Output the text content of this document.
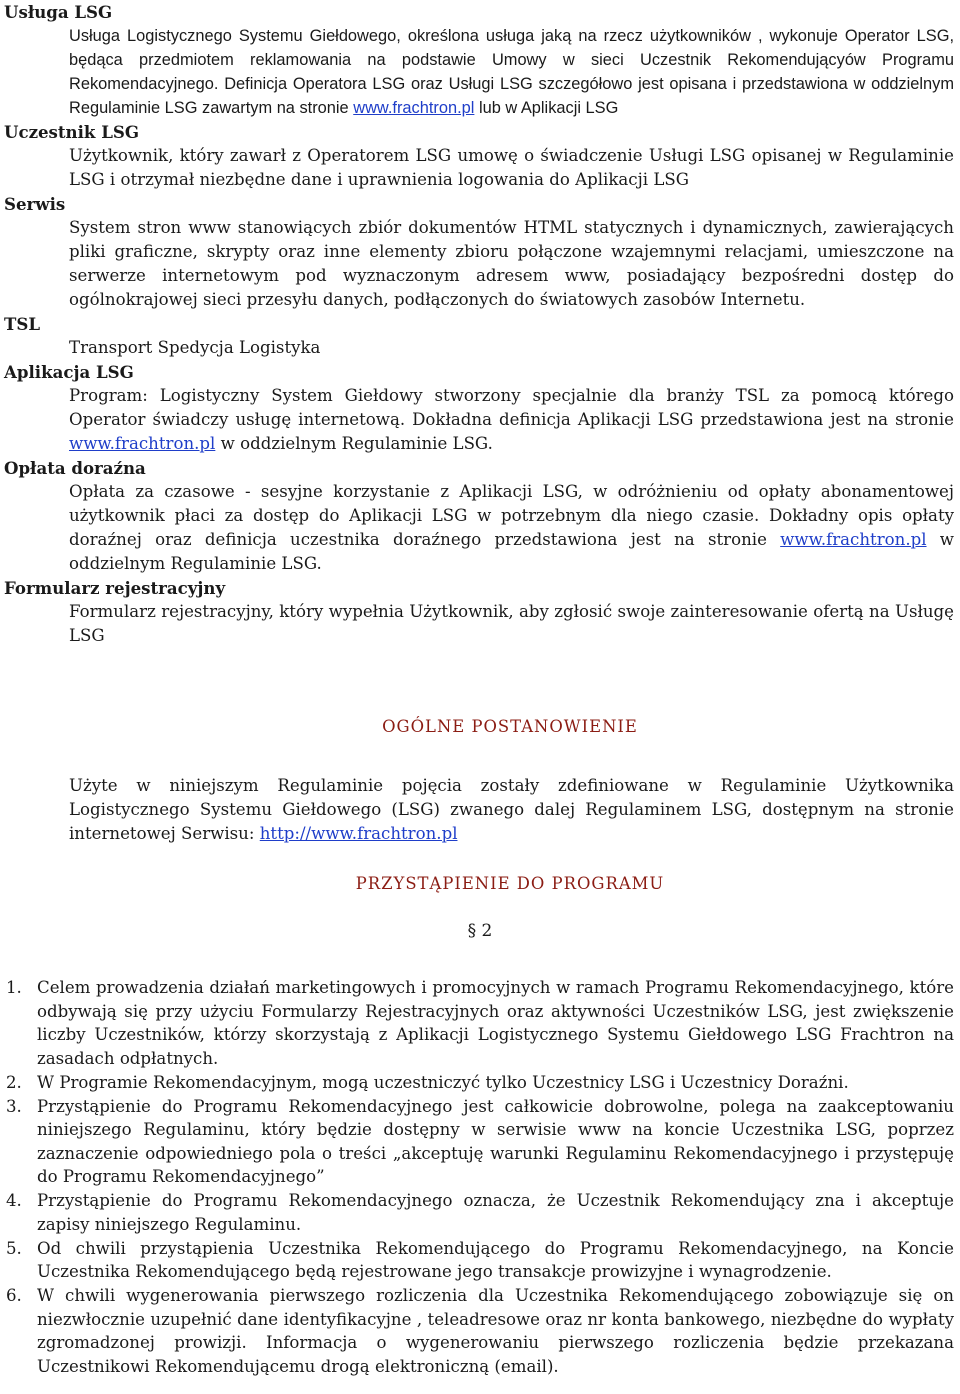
Usługa LSG

Usługa Logistycznego Systemu Giełdowego, określona usługa jaką na rzecz użytkowników , wykonuje Operator LSG, będąca przedmiotem reklamowania na podstawie Umowy w sieci Uczestnik Rekomendującyów Programu Rekomendacyjnego. Definicja Operatora LSG oraz Usługi LSG szczegółowo jest opisana i przedstawiona w oddzielnym Regulaminie LSG zawartym na stronie www.frachtron.pl lub w Aplikacji LSG

Uczestnik LSG

Użytkownik, który zawarł z Operatorem LSG umowę o świadczenie Usługi LSG opisanej w Regulaminie LSG i otrzymał niezbędne dane i uprawnienia logowania do Aplikacji LSG

Serwis

System stron www stanowiących zbiór dokumentów HTML statycznych i dynamicznych, zawierających pliki graficzne, skrypty oraz inne elementy zbioru połączone wzajemnymi relacjami, umieszczone na serwerze internetowym pod wyznaczonym adresem www, posiadający bezpośredni dostęp do ogólnokrajowej sieci przesyłu danych, podłączonych do światowych zasobów Internetu.

TSL

Transport Spedycja Logistyka

Aplikacja LSG

Program: Logistyczny System Giełdowy stworzony specjalnie dla branży TSL za pomocą którego Operator świadczy usługę internetową. Dokładna definicja Aplikacji LSG przedstawiona jest na stronie www.frachtron.pl w oddzielnym Regulaminie LSG.

Opłata doraźna

Opłata za czasowe - sesyjne korzystanie z Aplikacji LSG, w odróżnieniu od opłaty abonamentowej użytkownik płaci za dostęp do Aplikacji LSG w potrzebnym dla niego czasie. Dokładny opis opłaty doraźnej oraz definicja uczestnika doraźnego przedstawiona jest na stronie www.frachtron.pl w oddzielnym Regulaminie LSG.

Formularz rejestracyjny

Formularz rejestracyjny, który wypełnia Użytkownik, aby zgłosić swoje zainteresowanie ofertą na Usługę LSG

OGÓLNE POSTANOWIENIE

Użyte w niniejszym Regulaminie pojęcia zostały zdefiniowane w Regulaminie Użytkownika Logistycznego Systemu Giełdowego (LSG) zwanego dalej Regulaminem LSG, dostępnym na stronie internetowej Serwisu: http://www.frachtron.pl

PRZYSTĄPIENIE DO PROGRAMU

§ 2

1. Celem prowadzenia działań marketingowych i promocyjnych w ramach Programu Rekomendacyjnego, które odbywają się przy użyciu Formularzy Rejestracyjnych oraz aktywności Uczestników LSG, jest zwiększenie liczby Uczestników, którzy skorzystają z Aplikacji Logistycznego Systemu Giełdowego LSG Frachtron na zasadach odpłatnych.
2. W Programie Rekomendacyjnym, mogą uczestniczyć tylko Uczestnicy LSG i Uczestnicy Doraźni.
3. Przystąpienie do Programu Rekomendacyjnego jest całkowicie dobrowolne, polega na zaakceptowaniu niniejszego Regulaminu, który będzie dostępny w serwisie www na koncie Uczestnika LSG, poprzez zaznaczenie odpowiedniego pola o treści „akceptuję warunki Regulaminu Rekomendacyjnego i przystępuję do Programu Rekomendacyjnego”
4. Przystąpienie do Programu Rekomendacyjnego oznacza, że Uczestnik Rekomendujący zna i akceptuje zapisy niniejszego Regulaminu.
5. Od chwili przystąpienia Uczestnika Rekomendującego do Programu Rekomendacyjnego, na Koncie Uczestnika Rekomendującego będą rejestrowane jego transakcje prowizyjne i wynagrodzenie.
6. W chwili wygenerowania pierwszego rozliczenia dla Uczestnika Rekomendującego zobowiązuje się on niezwłocznie uzupełnić dane identyfikacyjne , teleadresowe oraz nr konta bankowego, niezbędne do wypłaty zgromadzonej prowizji. Informacja o wygenerowaniu pierwszego rozliczenia będzie przekazana Uczestnikowi Rekomendującemu drogą elektroniczną (email).
